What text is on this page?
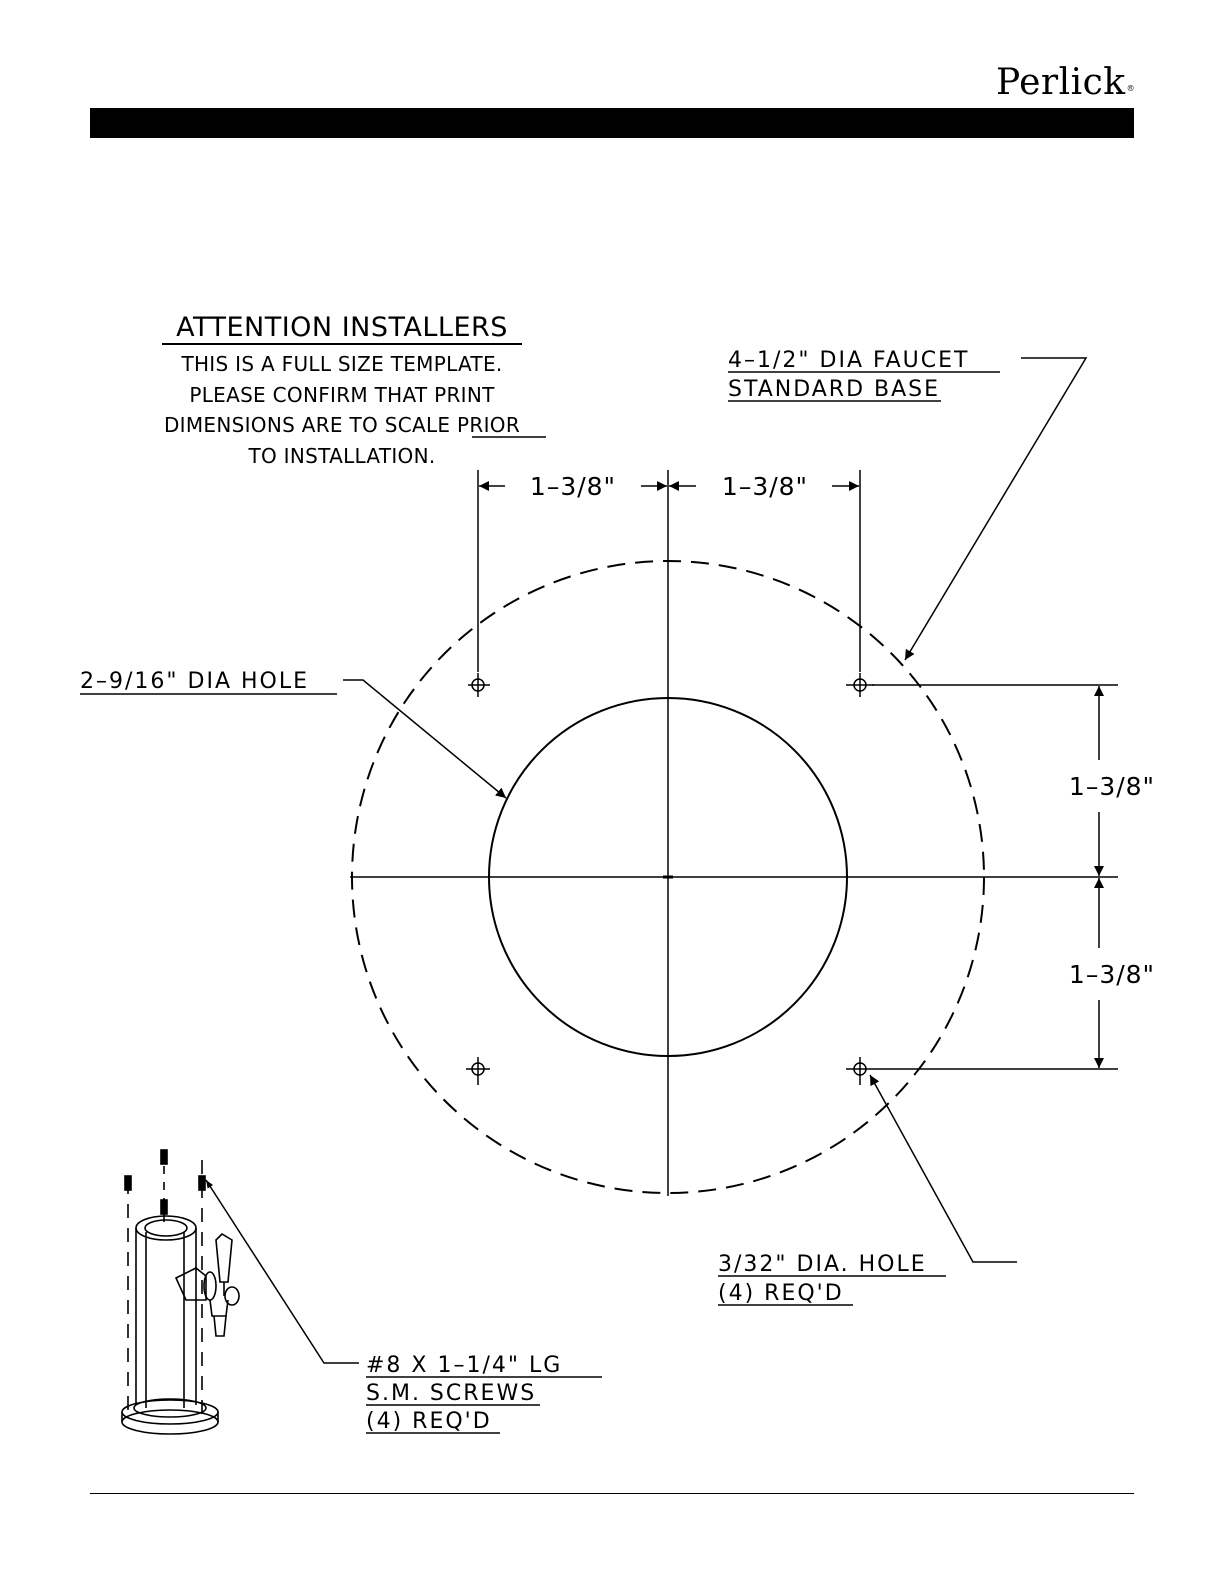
Perlick®
ATTENTION INSTALLERS
THIS IS A FULL SIZE TEMPLATE.
PLEASE CONFIRM THAT PRINT
DIMENSIONS ARE TO SCALE PRIOR
TO INSTALLATION.
1–3/8"	1–3/8"
1–3/8"
1–3/8"
4–1/2" DIA FAUCET
STANDARD BASE
2–9/16" DIA HOLE
3/32" DIA. HOLE
(4) REQ'D
#8 X 1–1/4" LG
S.M. SCREWS
(4) REQ'D
